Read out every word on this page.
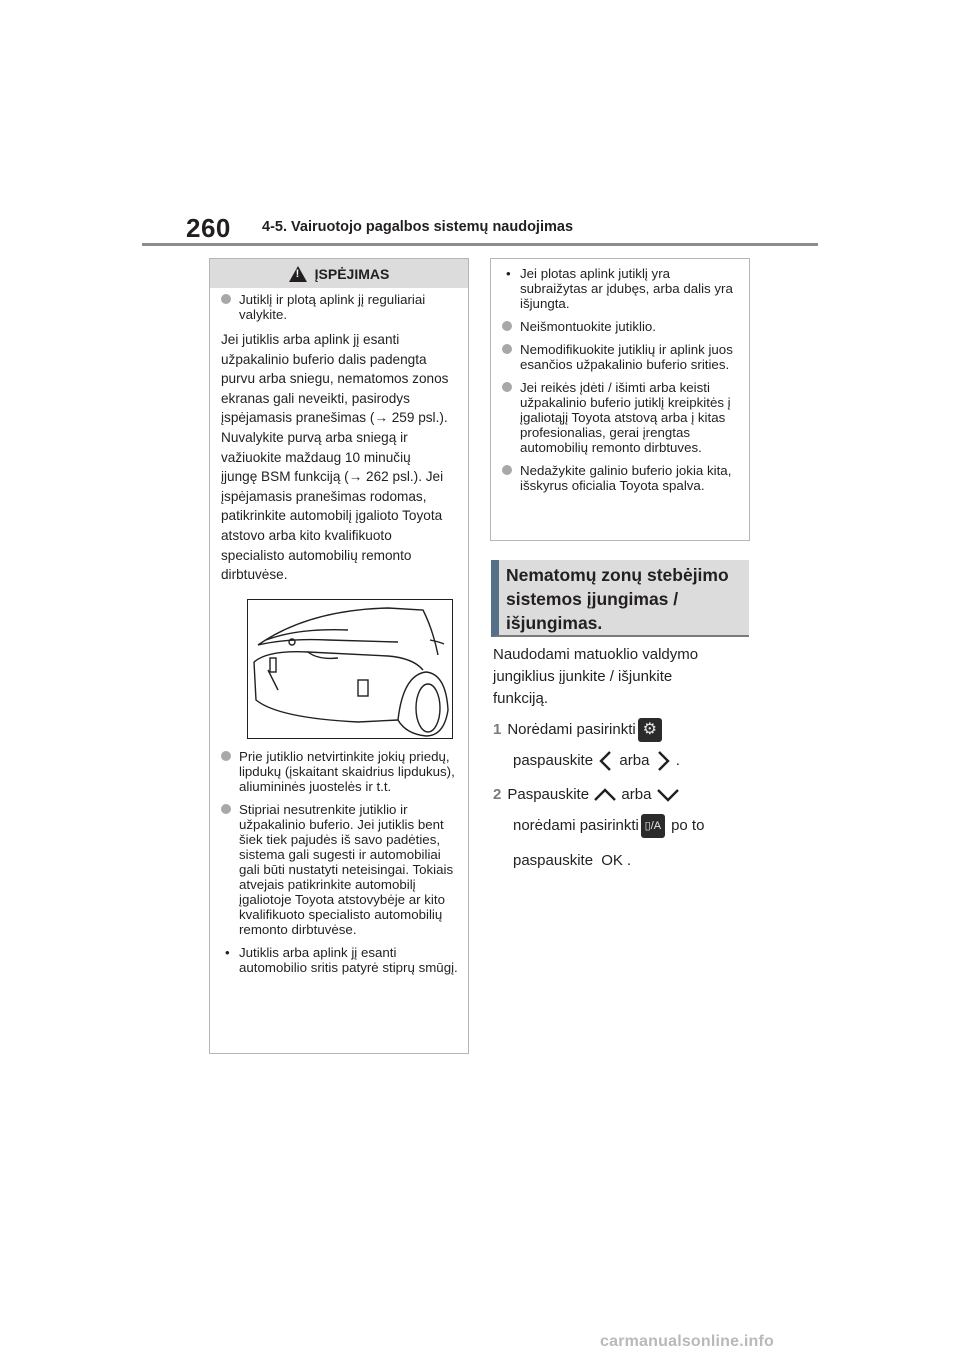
260 4-5. Vairuotojo pagalbos sistemų naudojimas
!
ĮSPĖJIMAS
Jutiklį ir plotą aplink jį reguliariai valykite.
Jei jutiklis arba aplink jį esanti
užpakalinio buferio dalis padengta
purvu arba sniegu, nematomos zonos
ekranas gali neveikti, pasirodys
įspėjamasis pranešimas (→ 259 psl.).
Nuvalykite purvą arba sniegą ir
važiuokite maždaug 10 minučių
įjungę BSM funkciją (→ 262 psl.). Jei
įspėjamasis pranešimas rodomas,
patikrinkite automobilį įgalioto Toyota
atstovo arba kito kvalifikuoto
specialisto automobilių remonto
dirbtuvėse.
Prie jutiklio netvirtinkite jokių priedų, lipdukų (įskaitant skaidrius lipdukus), aliumininės juostelės ir t.t.
Stipriai nesutrenkite jutiklio ir užpakalinio buferio. Jei jutiklis bent šiek tiek pajudės iš savo padėties, sistema gali sugesti ir automobiliai gali būti nustatyti neteisingai. Tokiais atvejais patikrinkite automobilį įgaliotoje Toyota atstovybėje ar kito kvalifikuoto specialisto automobilių remonto dirbtuvėse.
• Jutiklis arba aplink jį esanti automobilio sritis patyrė stiprų smūgį.
• Jei plotas aplink jutiklį yra subraižytas ar įdubęs, arba dalis yra išjungta.
Neišmontuokite jutiklio.
Nemodifikuokite jutiklių ir aplink juos esančios užpakalinio buferio srities.
Jei reikės įdėti / išimti arba keisti užpakalinio buferio jutiklį kreipkitės į įgaliotąjį Toyota atstovą arba į kitas profesionalias, gerai įrengtas automobilių remonto dirbtuves.
Nedažykite galinio buferio jokia kita, išskyrus oficialia Toyota spalva.
Nematomų zonų stebėjimo
sistemos įjungimas /
išjungimas.
Naudodami matuoklio valdymo
jungiklius įjunkite / išjunkite
funkciją.
1 Norėdami pasirinkti ⚙
paspauskite arba .
2 Paspauskite arba
norėdami pasirinkti ▯/A po to
paspauskite OK .
carmanualsonline.info
